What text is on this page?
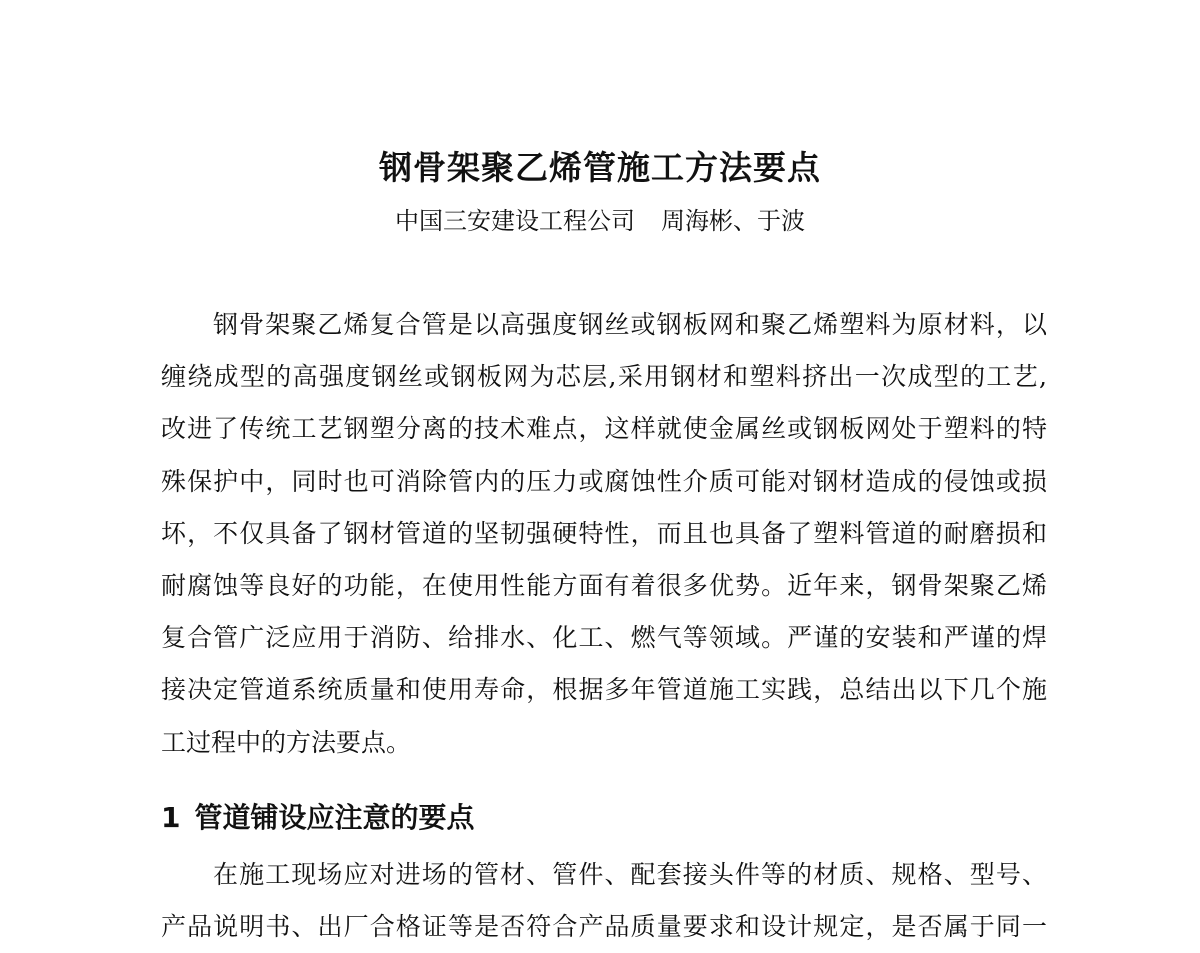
钢骨架聚乙烯管施工方法要点
中国三安建设工程公司 周海彬、于波
钢骨架聚乙烯复合管是以高强度钢丝或钢板网和聚乙烯塑料为原材料，以
缠绕成型的高强度钢丝或钢板网为芯层,采用钢材和塑料挤出一次成型的工艺,
改进了传统工艺钢塑分离的技术难点，这样就使金属丝或钢板网处于塑料的特
殊保护中，同时也可消除管内的压力或腐蚀性介质可能对钢材造成的侵蚀或损
坏，不仅具备了钢材管道的坚韧强硬特性，而且也具备了塑料管道的耐磨损和
耐腐蚀等良好的功能，在使用性能方面有着很多优势。近年来，钢骨架聚乙烯
复合管广泛应用于消防、给排水、化工、燃气等领域。严谨的安装和严谨的焊
接决定管道系统质量和使用寿命，根据多年管道施工实践，总结出以下几个施
工过程中的方法要点。
1 管道铺设应注意的要点
在施工现场应对进场的管材、管件、配套接头件等的材质、规格、型号、
产品说明书、出厂合格证等是否符合产品质量要求和设计规定，是否属于同一
